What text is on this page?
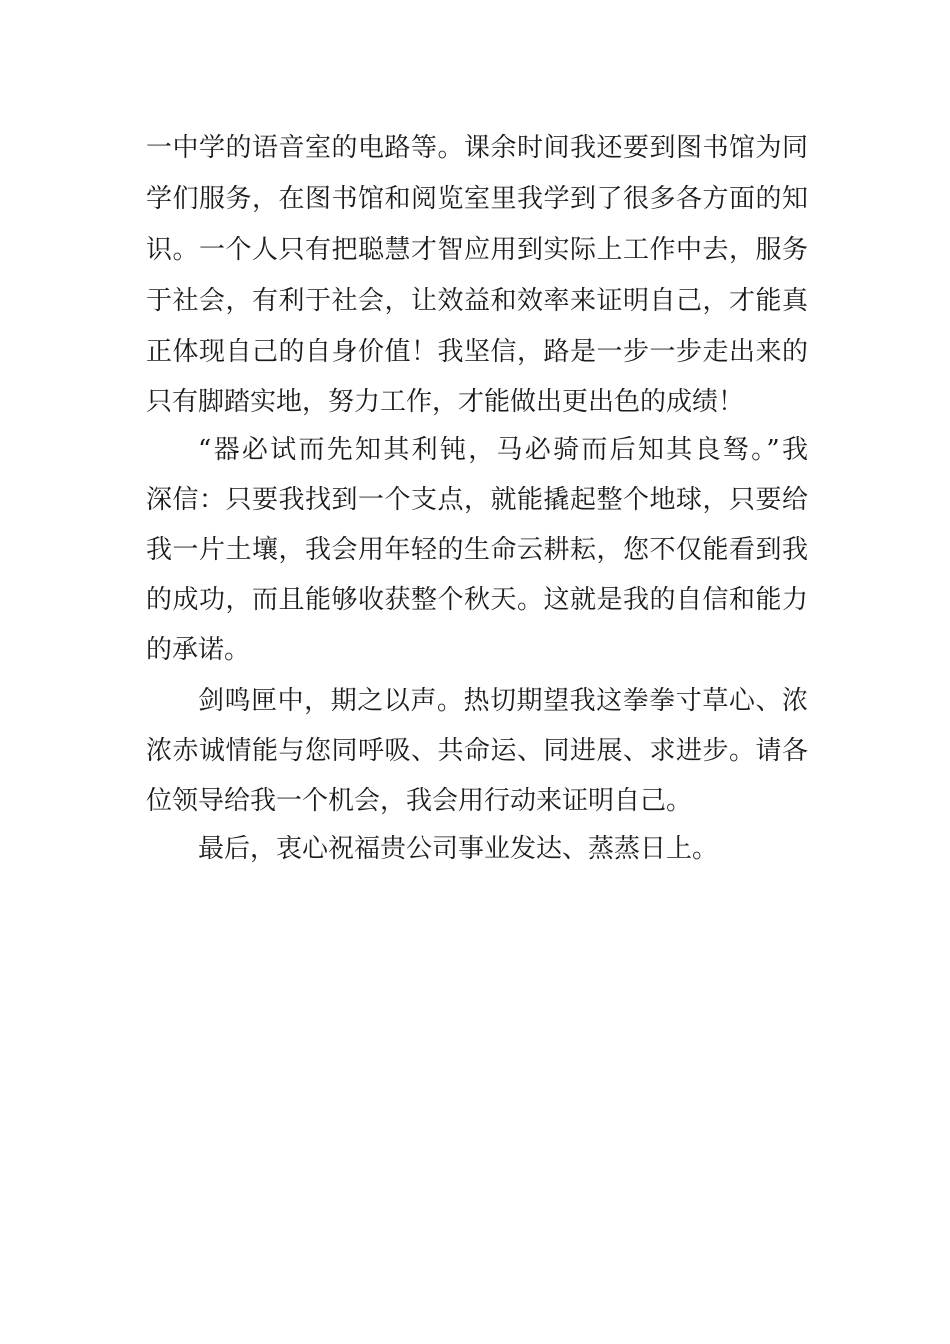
一中学的语音室的电路等。课余时间我还要到图书馆为同
学们服务，在图书馆和阅览室里我学到了很多各方面的知
识。一个人只有把聪慧才智应用到实际上工作中去，服务
于社会，有利于社会，让效益和效率来证明自己，才能真
正体现自己的自身价值！我坚信，路是一步一步走出来的
只有脚踏实地，努力工作，才能做出更出色的成绩！
“器必试而先知其利钝，马必骑而后知其良驽。”我
深信：只要我找到一个支点，就能撬起整个地球，只要给
我一片土壤，我会用年轻的生命云耕耘，您不仅能看到我
的成功，而且能够收获整个秋天。这就是我的自信和能力
的承诺。
剑鸣匣中，期之以声。热切期望我这拳拳寸草心、浓
浓赤诚情能与您同呼吸、共命运、同进展、求进步。请各
位领导给我一个机会，我会用行动来证明自己。
最后，衷心祝福贵公司事业发达、蒸蒸日上。
